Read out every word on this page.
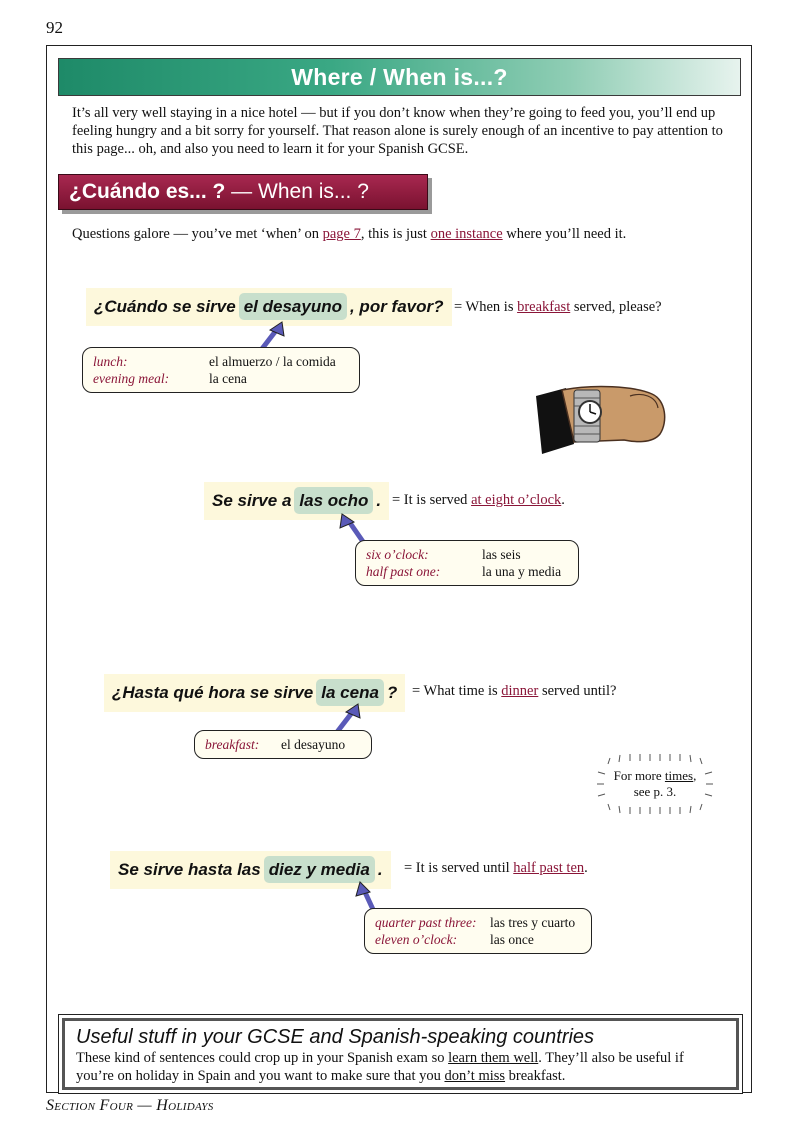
92
Where / When is...?
It’s all very well staying in a nice hotel — but if you don’t know when they’re going to feed you, you’ll end up feeling hungry and a bit sorry for yourself. That reason alone is surely enough of an incentive to pay attention to this page... oh, and also you need to learn it for your Spanish GCSE.
¿Cuándo es... ? — When is... ?
Questions galore — you’ve met ‘when’ on page 7, this is just one instance where you’ll need it.
¿Cuándo se sirve el desayuno , por favor? = When is breakfast served, please?
lunch:	el almuerzo / la comida
evening meal:	la cena
Se sirve a las ocho . = It is served at eight o’clock.
six o’clock:	las seis
half past one:	la una y media
¿Hasta qué hora se sirve la cena ?	= What time is dinner served until?
breakfast:	el desayuno
For more times,
see p. 3.
Se sirve hasta las diez y media .	= It is served until half past ten.
quarter past three:	las tres y cuarto
eleven o’clock:	las once
Useful stuff in your GCSE and Spanish-speaking countries
These kind of sentences could crop up in your Spanish exam so learn them well. They’ll also be useful if you’re on holiday in Spain and you want to make sure that you don’t miss breakfast.
Section Four — Holidays
